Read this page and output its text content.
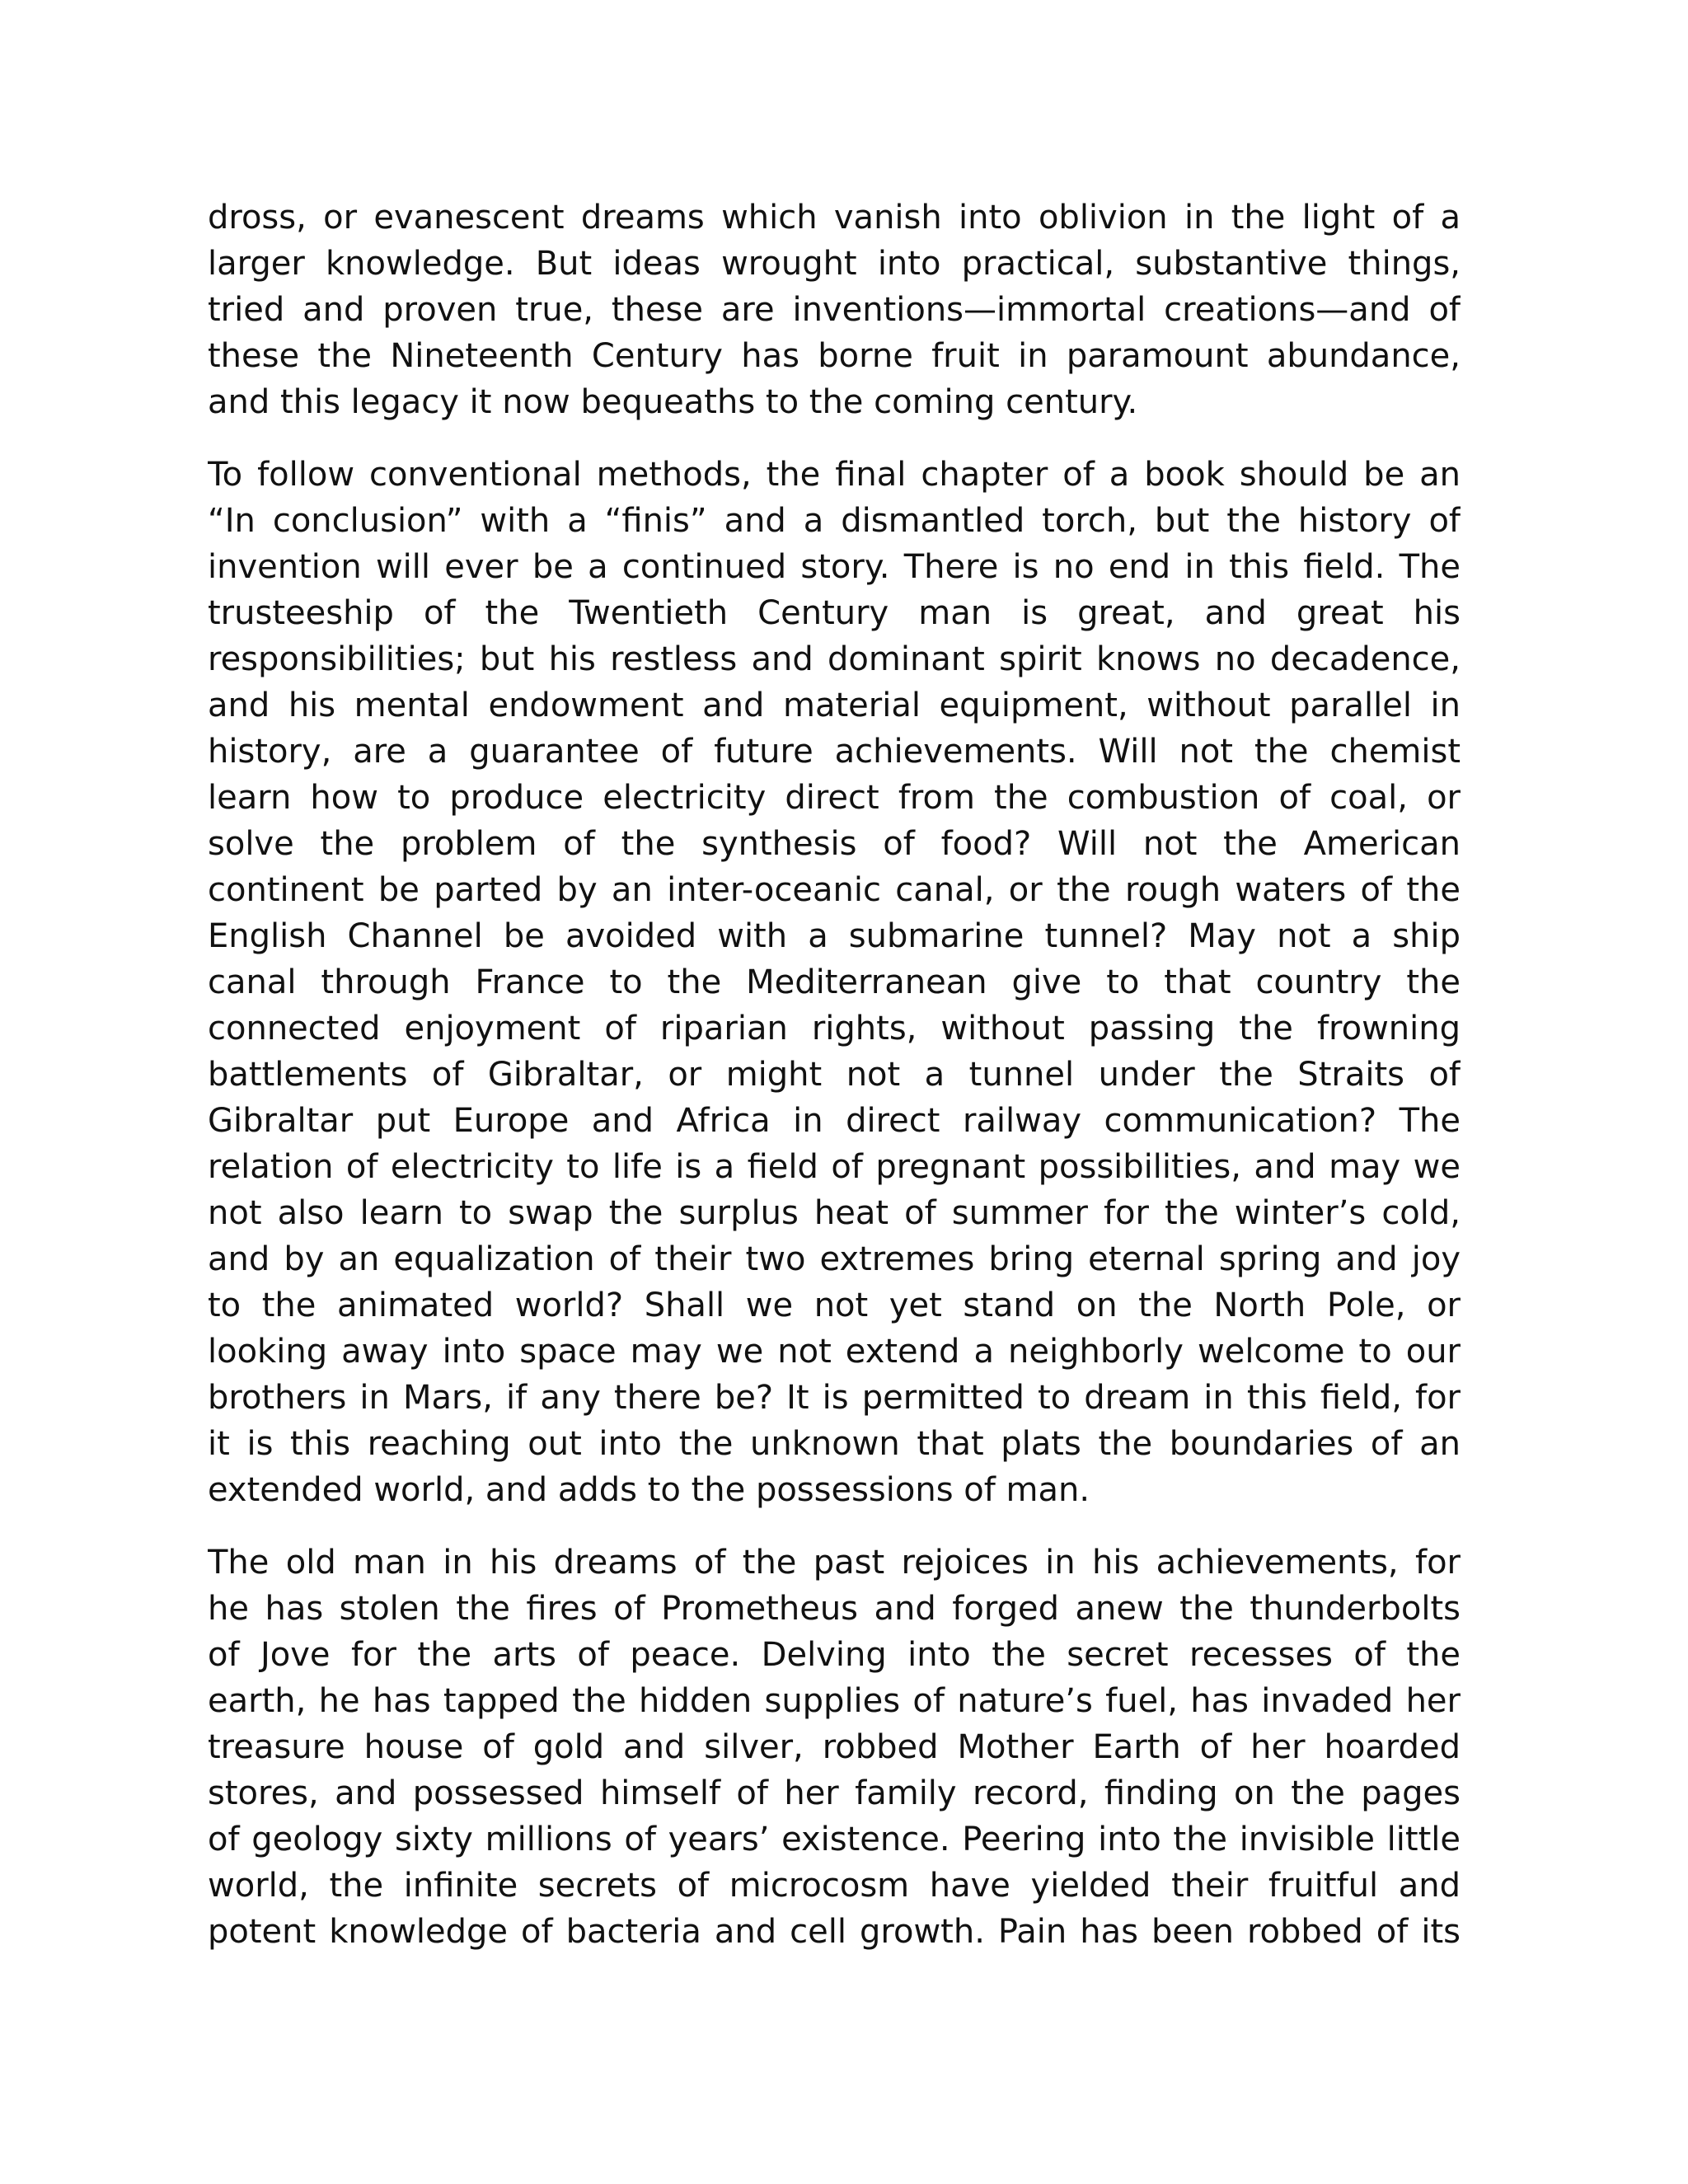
dross, or evanescent dreams which vanish into oblivion in the light of a
larger knowledge. But ideas wrought into practical, substantive things,
tried and proven true, these are inventions—immortal creations—and of
these the Nineteenth Century has borne fruit in paramount abundance,
and this legacy it now bequeaths to the coming century.

To follow conventional methods, the final chapter of a book should be an
“In conclusion” with a “finis” and a dismantled torch, but the history of
invention will ever be a continued story. There is no end in this field. The
trusteeship of the Twentieth Century man is great, and great his
responsibilities; but his restless and dominant spirit knows no decadence,
and his mental endowment and material equipment, without parallel in
history, are a guarantee of future achievements. Will not the chemist
learn how to produce electricity direct from the combustion of coal, or
solve the problem of the synthesis of food? Will not the American
continent be parted by an inter-oceanic canal, or the rough waters of the
English Channel be avoided with a submarine tunnel? May not a ship
canal through France to the Mediterranean give to that country the
connected enjoyment of riparian rights, without passing the frowning
battlements of Gibraltar, or might not a tunnel under the Straits of
Gibraltar put Europe and Africa in direct railway communication? The
relation of electricity to life is a field of pregnant possibilities, and may we
not also learn to swap the surplus heat of summer for the winter’s cold,
and by an equalization of their two extremes bring eternal spring and joy
to the animated world? Shall we not yet stand on the North Pole, or
looking away into space may we not extend a neighborly welcome to our
brothers in Mars, if any there be? It is permitted to dream in this field, for
it is this reaching out into the unknown that plats the boundaries of an
extended world, and adds to the possessions of man.

The old man in his dreams of the past rejoices in his achievements, for
he has stolen the fires of Prometheus and forged anew the thunderbolts
of Jove for the arts of peace. Delving into the secret recesses of the
earth, he has tapped the hidden supplies of nature’s fuel, has invaded her
treasure house of gold and silver, robbed Mother Earth of her hoarded
stores, and possessed himself of her family record, finding on the pages
of geology sixty millions of years’ existence. Peering into the invisible little
world, the infinite secrets of microcosm have yielded their fruitful and
potent knowledge of bacteria and cell growth. Pain has been robbed of its
